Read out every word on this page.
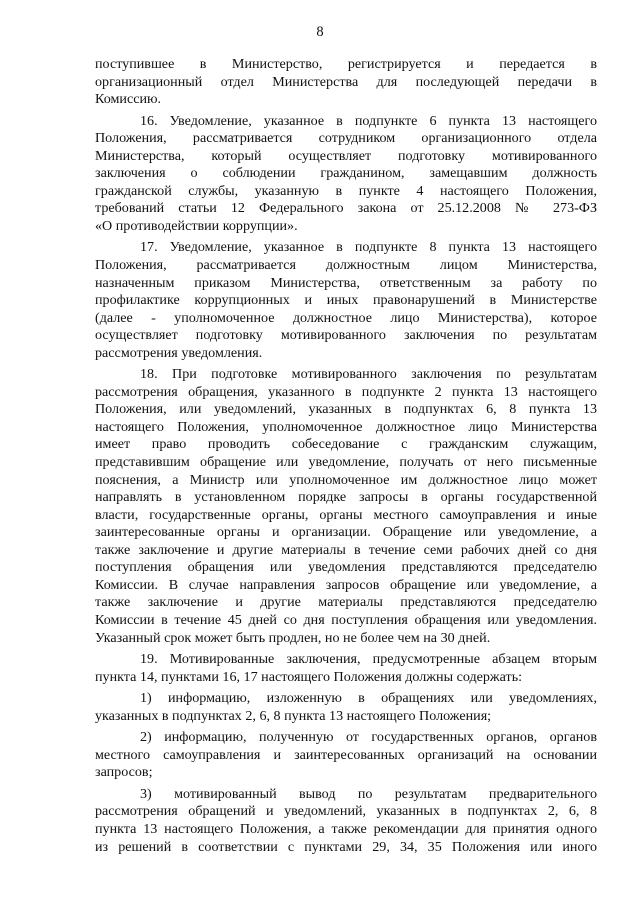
8
поступившее в Министерство, регистрируется и передается в
организационный отдел Министерства для последующей передачи в
Комиссию.
16. Уведомление, указанное в подпункте 6 пункта 13 настоящего
Положения, рассматривается сотрудником организационного отдела
Министерства, который осуществляет подготовку мотивированного
заключения о соблюдении гражданином, замещавшим должность
гражданской службы, указанную в пункте 4 настоящего Положения,
требований статьи 12 Федерального закона от 25.12.2008 № 273-ФЗ
«О противодействии коррупции».
17. Уведомление, указанное в подпункте 8 пункта 13 настоящего
Положения, рассматривается должностным лицом Министерства,
назначенным приказом Министерства, ответственным за работу по
профилактике коррупционных и иных правонарушений в Министерстве
(далее - уполномоченное должностное лицо Министерства), которое
осуществляет подготовку мотивированного заключения по результатам
рассмотрения уведомления.
18. При подготовке мотивированного заключения по результатам
рассмотрения обращения, указанного в подпункте 2 пункта 13 настоящего
Положения, или уведомлений, указанных в подпунктах 6, 8 пункта 13
настоящего Положения, уполномоченное должностное лицо Министерства
имеет право проводить собеседование с гражданским служащим,
представившим обращение или уведомление, получать от него письменные
пояснения, а Министр или уполномоченное им должностное лицо может
направлять в установленном порядке запросы в органы государственной
власти, государственные органы, органы местного самоуправления и иные
заинтересованные органы и организации. Обращение или уведомление, а
также заключение и другие материалы в течение семи рабочих дней со дня
поступления обращения или уведомления представляются председателю
Комиссии. В случае направления запросов обращение или уведомление, а
также заключение и другие материалы представляются председателю
Комиссии в течение 45 дней со дня поступления обращения или уведомления.
Указанный срок может быть продлен, но не более чем на 30 дней.
19. Мотивированные заключения, предусмотренные абзацем вторым
пункта 14, пунктами 16, 17 настоящего Положения должны содержать:
1) информацию, изложенную в обращениях или уведомлениях,
указанных в подпунктах 2, 6, 8 пункта 13 настоящего Положения;
2) информацию, полученную от государственных органов, органов
местного самоуправления и заинтересованных организаций на основании
запросов;
3) мотивированный вывод по результатам предварительного
рассмотрения обращений и уведомлений, указанных в подпунктах 2, 6, 8
пункта 13 настоящего Положения, а также рекомендации для принятия одного
из решений в соответствии с пунктами 29, 34, 35 Положения или иного
